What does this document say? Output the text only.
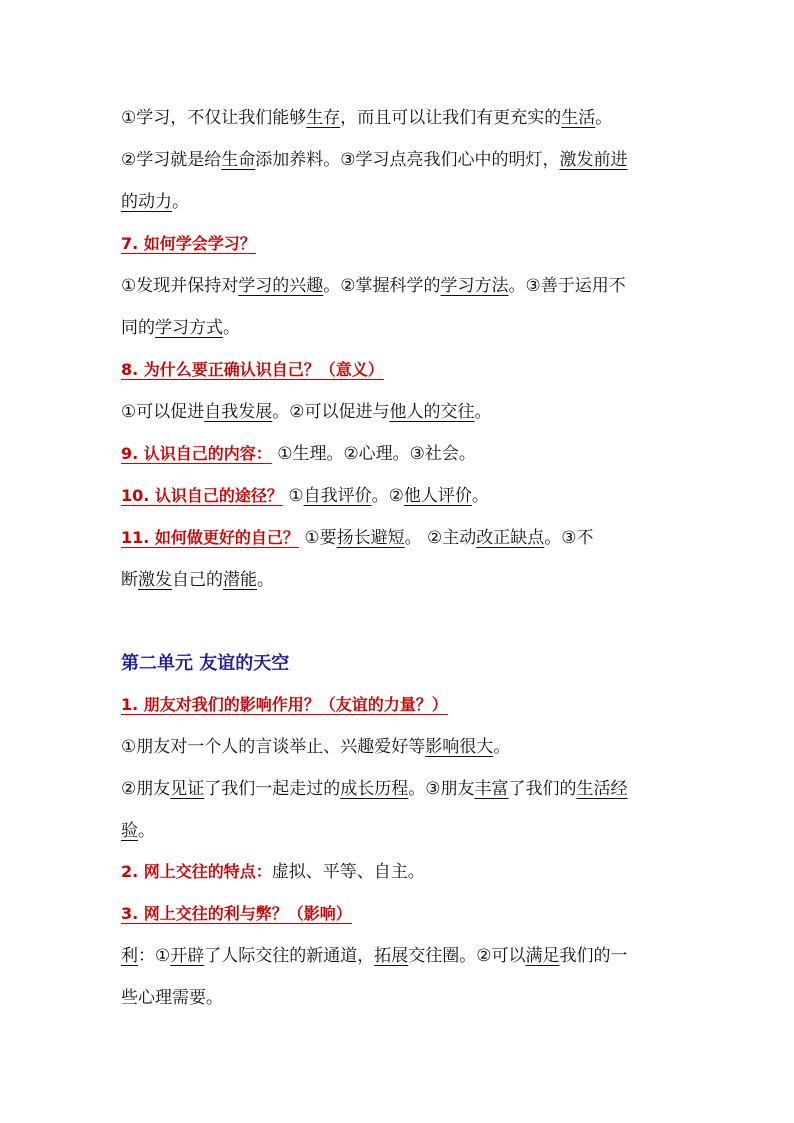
①学习，不仅让我们能够生存，而且可以让我们有更充实的生活。
②学习就是给生命添加养料。③学习点亮我们心中的明灯，激发前进
的动力。
7. 如何学会学习？
①发现并保持对学习的兴趣。②掌握科学的学习方法。③善于运用不
同的学习方式。
8. 为什么要正确认识自己？（意义）
①可以促进自我发展。②可以促进与他人的交往。
9. 认识自己的内容： ①生理。②心理。③社会。
10. 认识自己的途径？ ①自我评价。②他人评价。
11. 如何做更好的自己？ ①要扬长避短。 ②主动改正缺点。③不
断激发自己的潜能。
第二单元 友谊的天空
1. 朋友对我们的影响作用？（友谊的力量？）
①朋友对一个人的言谈举止、兴趣爱好等影响很大。
②朋友见证了我们一起走过的成长历程。③朋友丰富了我们的生活经
验。
2. 网上交往的特点：虚拟、平等、自主。
3. 网上交往的利与弊？（影响）
利：①开辟了人际交往的新通道，拓展交往圈。②可以满足我们的一
些心理需要。
